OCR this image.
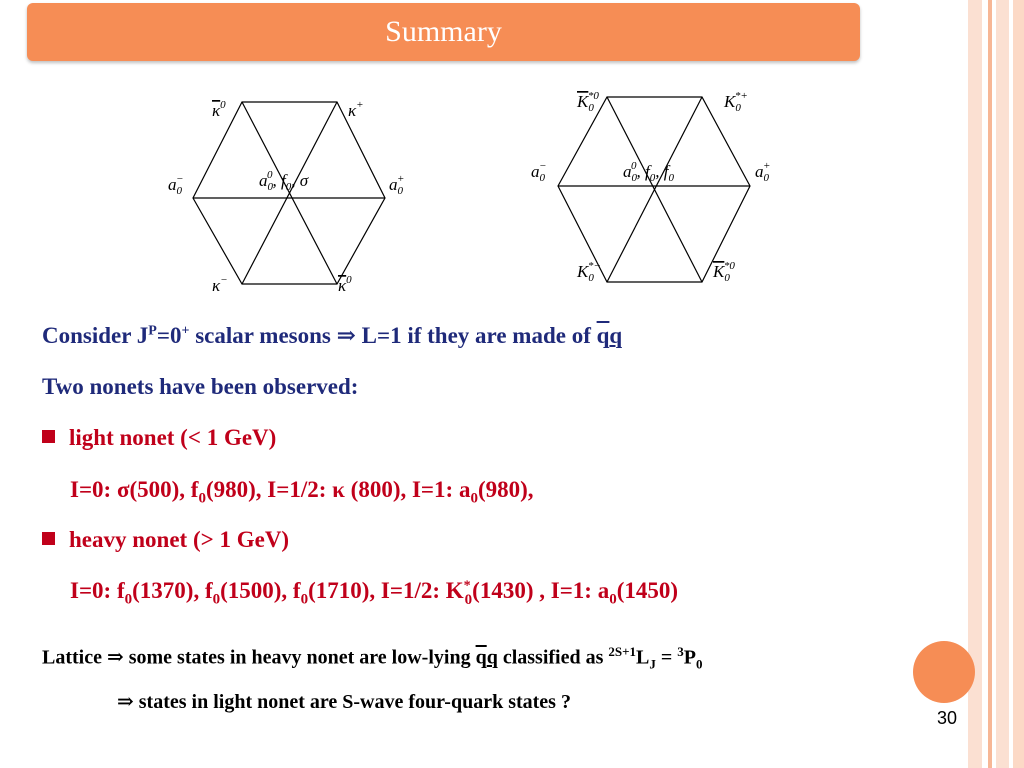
Summary
$\kappa^0$	κ+
$a_0-$	$a_00$, $f_0$, σ	$a_0+$
κ−	$\kappa^0$
$K_0*0$	$K_0*+$
$a_0-$	$a_00$, $f_0$, $f_0$	$a_0+$
$K_0*-$	$K_0*0$
Consider $J^P=0^+$ scalar mesons ⇒ L=1 if they are made of $\overline{q}q$
Two nonets have been observed:
light nonet (< 1 GeV)
I=0: σ(500), $f_0(980)$, I=1/2: κ (800), I=1: $a_0(980)$,
heavy nonet (> 1 GeV)
I=0: $f_0(1370)$, $f_0(1500)$, $f_0(1710)$, I=1/2: $K^*_0(1430)$ , I=1: $a_0(1450)$
Lattice ⇒ some states in heavy nonet are low-lying $\overline{q}q$ classified as $^{2S+1}L_J = ^3P_0$
⇒ states in light nonet are S-wave four-quark states ?
30
